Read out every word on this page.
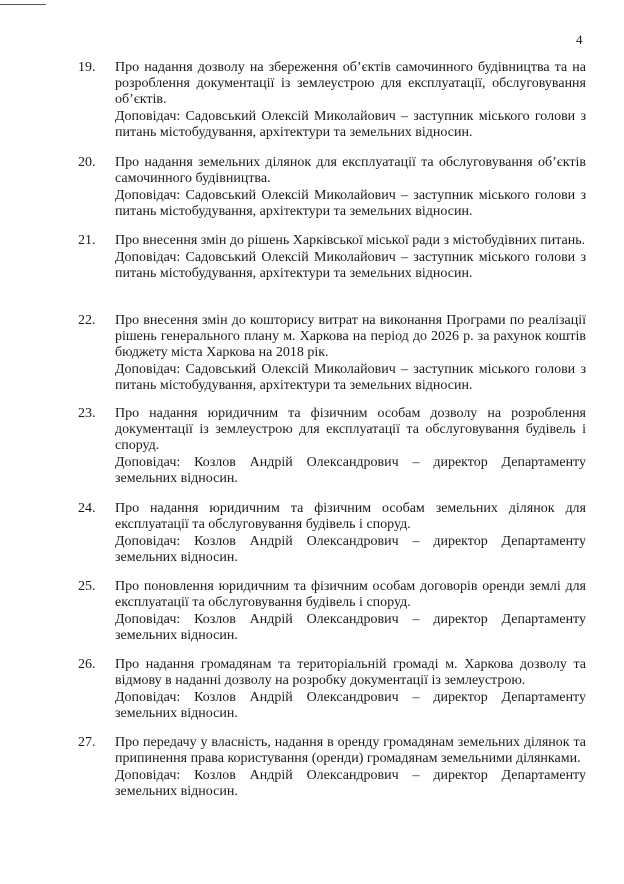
4
19. Про надання дозволу на збереження об’єктів самочинного будівництва та на розроблення документації із землеустрою для експлуатації, обслуговування об’єктів.
Доповідач: Садовський Олексій Миколайович – заступник міського голови з питань містобудування, архітектури та земельних відносин.
20. Про надання земельних ділянок для експлуатації та обслуговування об’єктів самочинного будівництва.
Доповідач: Садовський Олексій Миколайович – заступник міського голови з питань містобудування, архітектури та земельних відносин.
21. Про внесення змін до рішень Харківської міської ради з містобудівних питань.
Доповідач: Садовський Олексій Миколайович – заступник міського голови з питань містобудування, архітектури та земельних відносин.
22. Про внесення змін до кошторису витрат на виконання Програми по реалізації рішень генерального плану м. Харкова на період до 2026 р. за рахунок коштів бюджету міста Харкова на 2018 рік.
Доповідач: Садовський Олексій Миколайович – заступник міського голови з питань містобудування, архітектури та земельних відносин.
23. Про надання юридичним та фізичним особам дозволу на розроблення документації із землеустрою для експлуатації та обслуговування будівель і споруд.
Доповідач: Козлов Андрій Олександрович – директор Департаменту земельних відносин.
24. Про надання юридичним та фізичним особам земельних ділянок для експлуатації та обслуговування будівель і споруд.
Доповідач: Козлов Андрій Олександрович – директор Департаменту земельних відносин.
25. Про поновлення юридичним та фізичним особам договорів оренди землі для експлуатації та обслуговування будівель і споруд.
Доповідач: Козлов Андрій Олександрович – директор Департаменту земельних відносин.
26. Про надання громадянам та територіальній громаді м. Харкова дозволу та відмову в наданні дозволу на розробку документації із землеустрою.
Доповідач: Козлов Андрій Олександрович – директор Департаменту земельних відносин.
27. Про передачу у власність, надання в оренду громадянам земельних ділянок та припинення права користування (оренди) громадянам земельними ділянками.
Доповідач: Козлов Андрій Олександрович – директор Департаменту земельних відносин.
